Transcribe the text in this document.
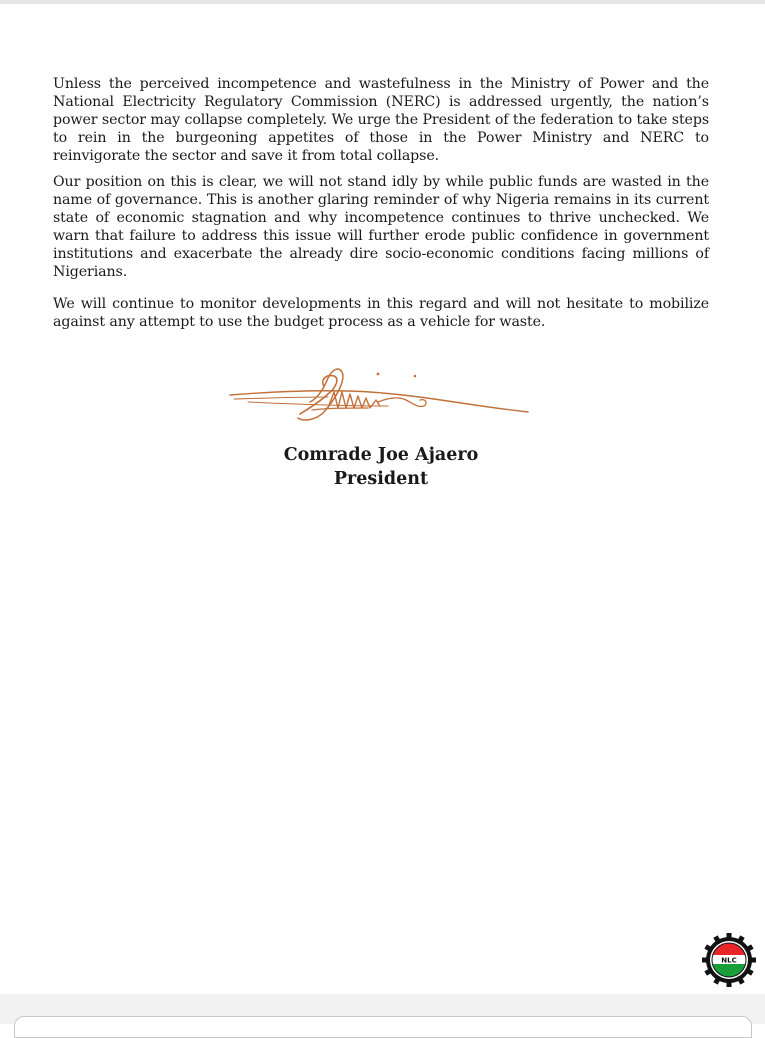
Unless the perceived incompetence and wastefulness in the Ministry of Power and the National Electricity Regulatory Commission (NERC) is addressed urgently, the nation’s power sector may collapse completely. We urge the President of the federation to take steps to rein in the burgeoning appetites of those in the Power Ministry and NERC to reinvigorate the sector and save it from total collapse.

Our position on this is clear, we will not stand idly by while public funds are wasted in the name of governance. This is another glaring reminder of why Nigeria remains in its current state of economic stagnation and why incompetence continues to thrive unchecked. We warn that failure to address this issue will further erode public confidence in government institutions and exacerbate the already dire socio-economic conditions facing millions of Nigerians.

We will continue to monitor developments in this regard and will not hesitate to mobilize against any attempt to use the budget process as a vehicle for waste.

Comrade Joe Ajaero

President

NLC
